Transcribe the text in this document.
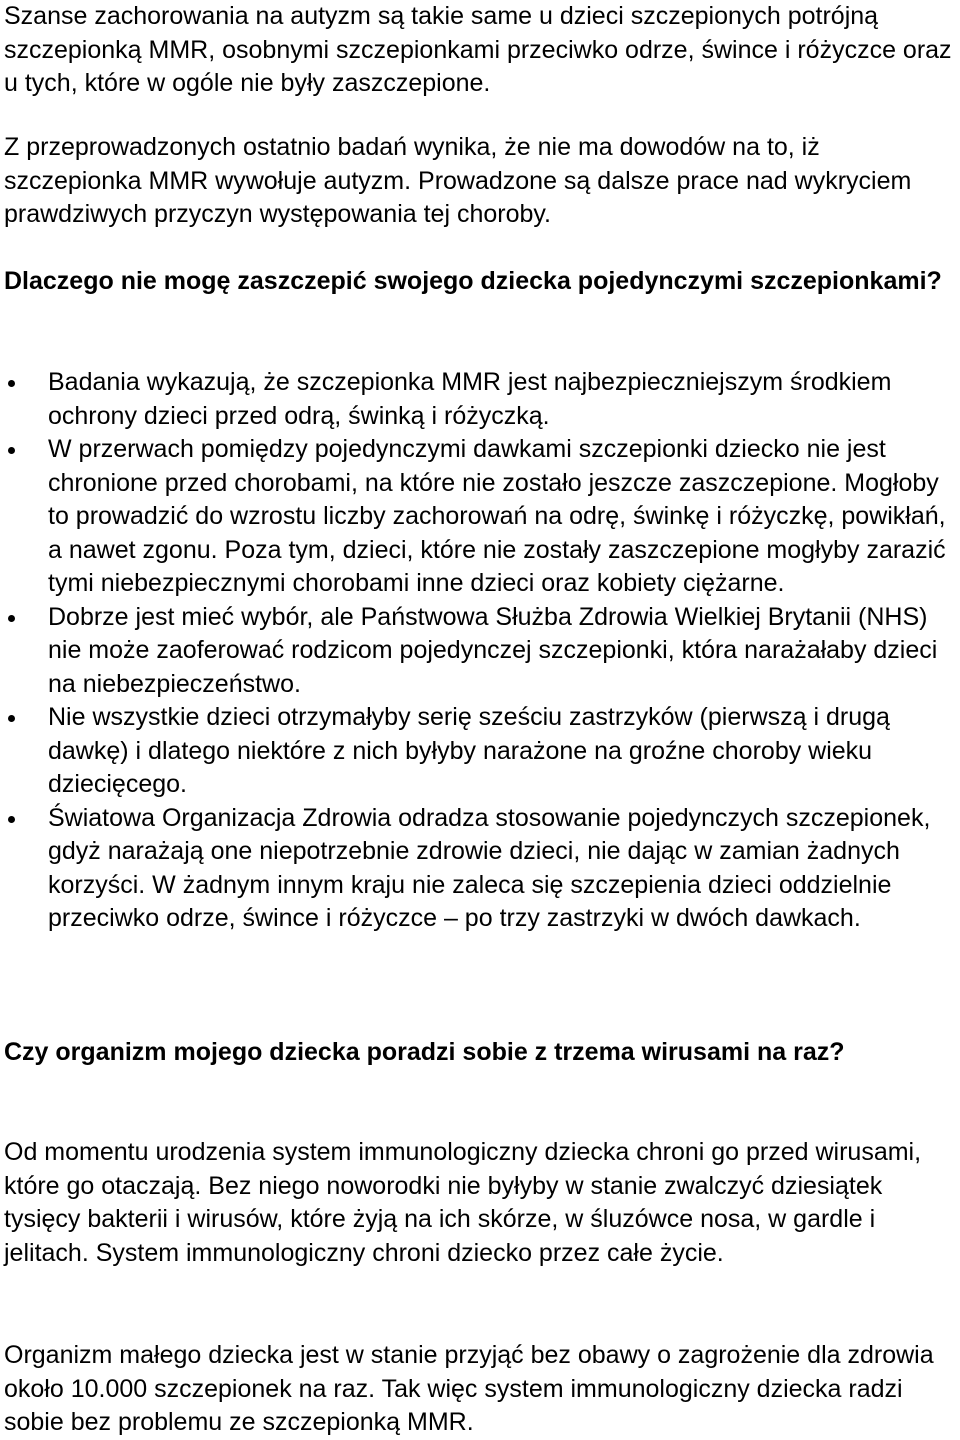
Szanse zachorowania na autyzm są takie same u dzieci szczepionych potrójną szczepionką MMR, osobnymi szczepionkami przeciwko odrze, śwince i różyczce oraz u tych, które w ogóle nie były zaszczepione.

Z przeprowadzonych ostatnio badań wynika, że nie ma dowodów na to, iż szczepionka MMR wywołuje autyzm. Prowadzone są dalsze prace nad wykryciem prawdziwych przyczyn występowania tej choroby.

Dlaczego nie mogę zaszczepić swojego dziecka pojedynczymi szczepionkami?
Badania wykazują, że szczepionka MMR jest najbezpieczniejszym środkiem ochrony dzieci przed odrą, świnką i różyczką.
W przerwach pomiędzy pojedynczymi dawkami szczepionki dziecko nie jest chronione przed chorobami, na które nie zostało jeszcze zaszczepione. Mogłoby to prowadzić do wzrostu liczby zachorowań na odrę, świnkę i różyczkę, powikłań, a nawet zgonu. Poza tym, dzieci, które nie zostały zaszczepione mogłyby zarazić tymi niebezpiecznymi chorobami inne dzieci oraz kobiety ciężarne.
Dobrze jest mieć wybór, ale Państwowa Służba Zdrowia Wielkiej Brytanii (NHS) nie może zaoferować rodzicom pojedynczej szczepionki, która narażałaby dzieci na niebezpieczeństwo.
Nie wszystkie dzieci otrzymałyby serię sześciu zastrzyków (pierwszą i drugą dawkę) i dlatego niektóre z nich byłyby narażone na groźne choroby wieku dziecięcego.
Światowa Organizacja Zdrowia odradza stosowanie pojedynczych szczepionek, gdyż narażają one niepotrzebnie zdrowie dzieci, nie dając w zamian żadnych korzyści. W żadnym innym kraju nie zaleca się szczepienia dzieci oddzielnie przeciwko odrze, śwince i różyczce – po trzy zastrzyki w dwóch dawkach.
Czy organizm mojego dziecka poradzi sobie z trzema wirusami na raz?

Od momentu urodzenia system immunologiczny dziecka chroni go przed wirusami, które go otaczają. Bez niego noworodki nie byłyby w stanie zwalczyć dziesiątek tysięcy bakterii i wirusów, które żyją na ich skórze, w śluzówce nosa, w gardle i jelitach. System immunologiczny chroni dziecko przez całe życie.

Organizm małego dziecka jest w stanie przyjąć bez obawy o zagrożenie dla zdrowia około 10.000 szczepionek na raz. Tak więc system immunologiczny dziecka radzi sobie bez problemu ze szczepionką MMR.
